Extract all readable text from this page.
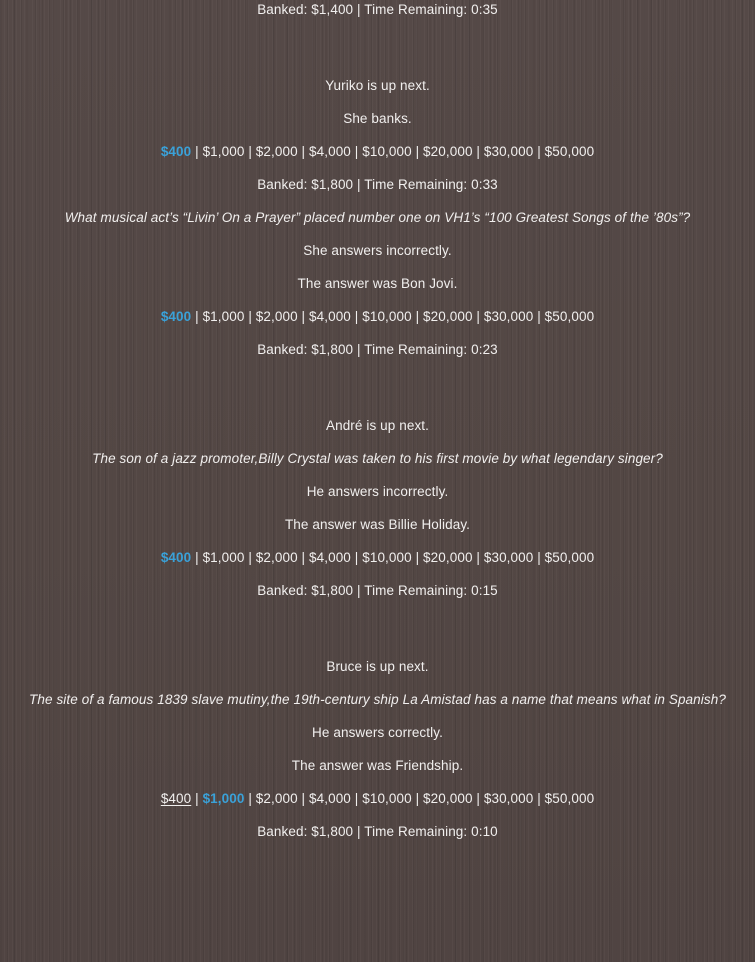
Banked: $1,400 | Time Remaining: 0:35

Yuriko is up next.

She banks.

$400 | $1,000 | $2,000 | $4,000 | $10,000 | $20,000 | $30,000 | $50,000

Banked: $1,800 | Time Remaining: 0:33

What musical act’s “Livin’ On a Prayer” placed number one on VH1’s “100 Greatest Songs of the ’80s”?

She answers incorrectly.

The answer was Bon Jovi.

$400 | $1,000 | $2,000 | $4,000 | $10,000 | $20,000 | $30,000 | $50,000

Banked: $1,800 | Time Remaining: 0:23

André is up next.

The son of a jazz promoter,Billy Crystal was taken to his first movie by what legendary singer?

He answers incorrectly.

The answer was Billie Holiday.

$400 | $1,000 | $2,000 | $4,000 | $10,000 | $20,000 | $30,000 | $50,000

Banked: $1,800 | Time Remaining: 0:15

Bruce is up next.

The site of a famous 1839 slave mutiny,the 19th-century ship La Amistad has a name that means what in Spanish?

He answers correctly.

The answer was Friendship.

$400 | $1,000 | $2,000 | $4,000 | $10,000 | $20,000 | $30,000 | $50,000

Banked: $1,800 | Time Remaining: 0:10
